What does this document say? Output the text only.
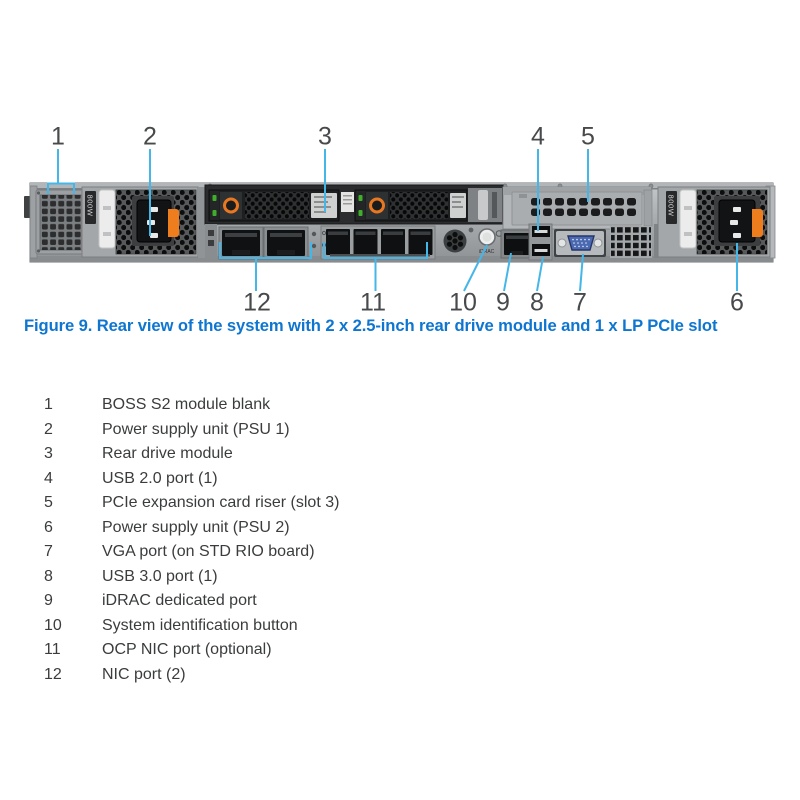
800W
iDRAC
800W
1	2	3	4 5
6
7
8
9
10
11
12
Figure 9. Rear view of the system with 2 x 2.5-inch rear drive module and 1 x LP PCIe slot
1	BOSS S2 module blank
2	Power supply unit (PSU 1)
3	Rear drive module
4	USB 2.0 port (1)
5	PCIe expansion card riser (slot 3)
6	Power supply unit (PSU 2)
7	VGA port (on STD RIO board)
8	USB 3.0 port (1)
9	iDRAC dedicated port
10	System identification button
11	OCP NIC port (optional)
12	NIC port (2)
